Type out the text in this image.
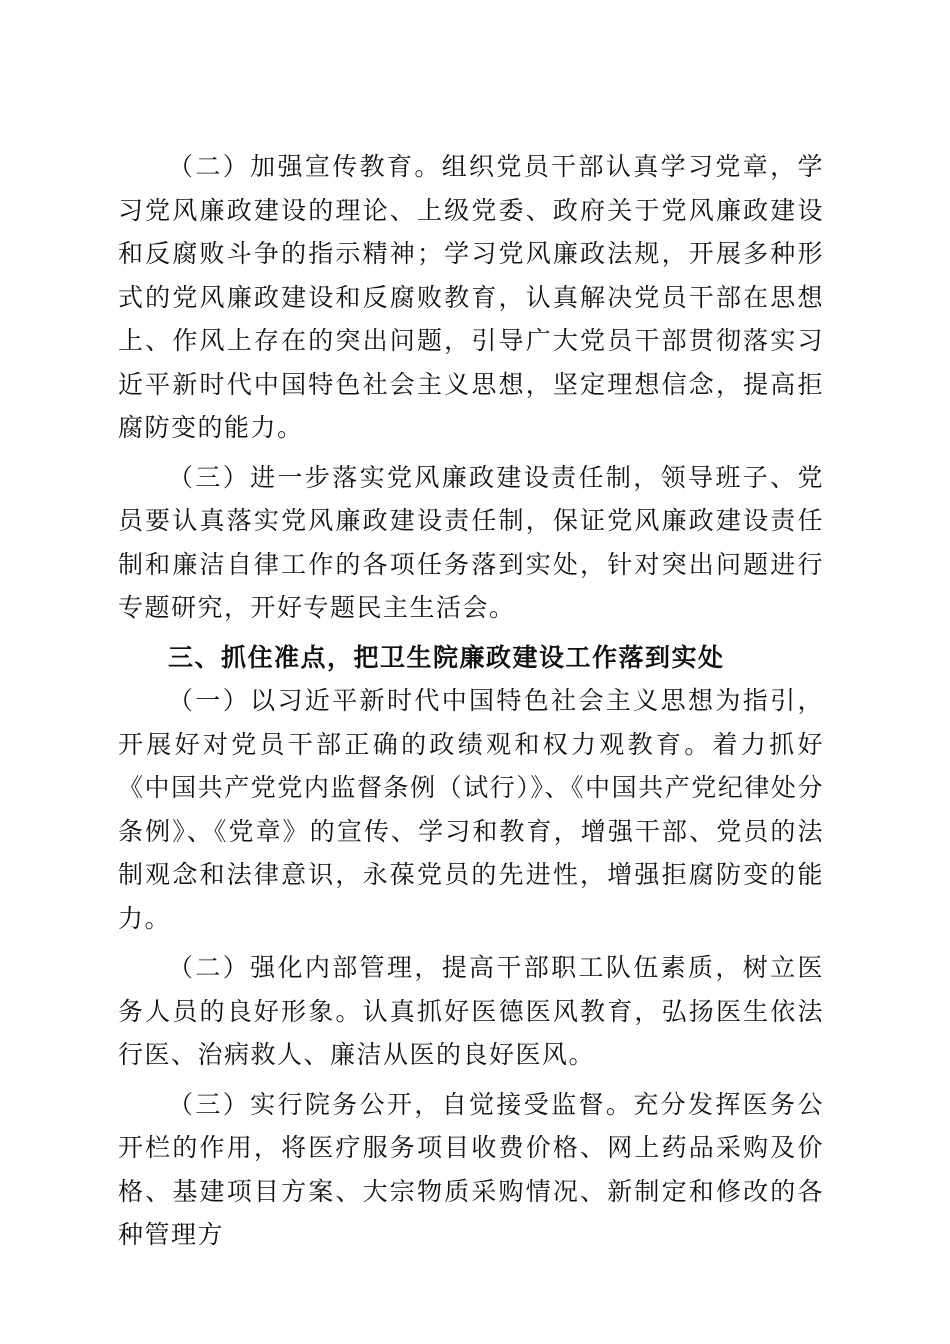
（二）加强宣传教育。组织党员干部认真学习党章，学习党风廉政建设的理论、上级党委、政府关于党风廉政建设和反腐败斗争的指示精神；学习党风廉政法规，开展多种形式的党风廉政建设和反腐败教育，认真解决党员干部在思想上、作风上存在的突出问题，引导广大党员干部贯彻落实习近平新时代中国特色社会主义思想，坚定理想信念，提高拒腐防变的能力。

（三）进一步落实党风廉政建设责任制，领导班子、党员要认真落实党风廉政建设责任制，保证党风廉政建设责任制和廉洁自律工作的各项任务落到实处，针对突出问题进行专题研究，开好专题民主生活会。

三、抓住准点，把卫生院廉政建设工作落到实处

（一）以习近平新时代中国特色社会主义思想为指引，开展好对党员干部正确的政绩观和权力观教育。着力抓好《中国共产党党内监督条例（试行）》、《中国共产党纪律处分条例》、《党章》的宣传、学习和教育，增强干部、党员的法制观念和法律意识，永葆党员的先进性，增强拒腐防变的能力。

（二）强化内部管理，提高干部职工队伍素质，树立医务人员的良好形象。认真抓好医德医风教育，弘扬医生依法行医、治病救人、廉洁从医的良好医风。

（三）实行院务公开，自觉接受监督。充分发挥医务公开栏的作用，将医疗服务项目收费价格、网上药品采购及价格、基建项目方案、大宗物质采购情况、新制定和修改的各种管理方
